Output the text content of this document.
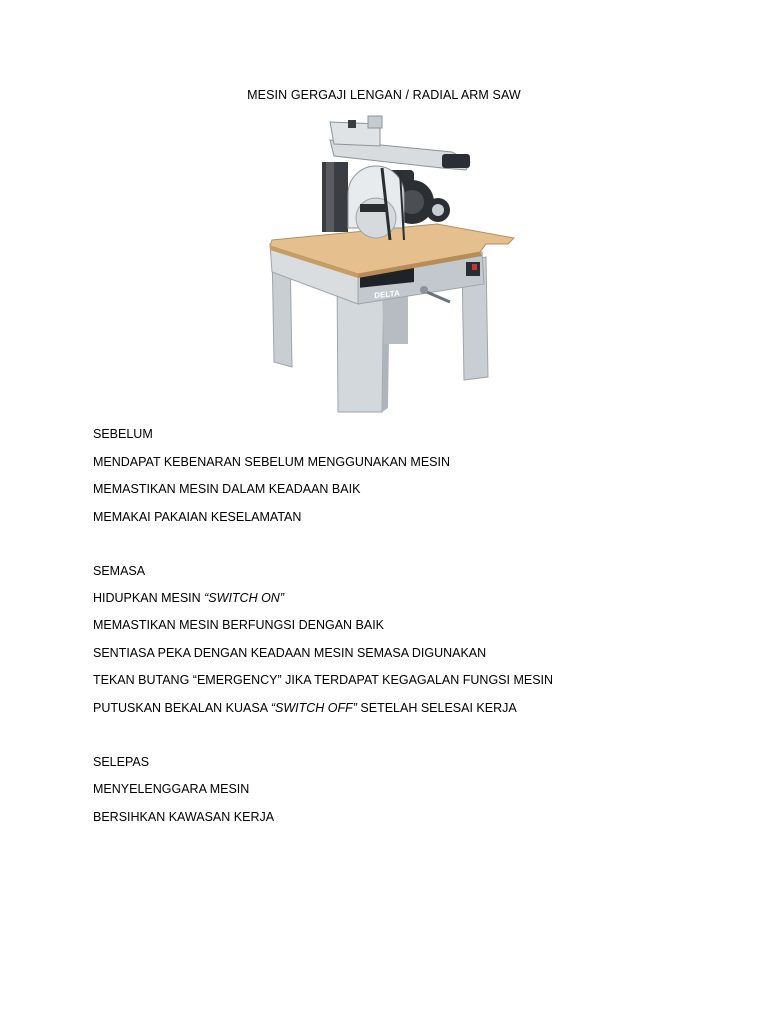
MESIN GERGAJI LENGAN / RADIAL ARM SAW
DELTA
SEBELUM
MENDAPAT KEBENARAN SEBELUM MENGGUNAKAN MESIN
MEMASTIKAN MESIN DALAM KEADAAN BAIK
MEMAKAI PAKAIAN KESELAMATAN
SEMASA
HIDUPKAN MESIN “SWITCH ON”
MEMASTIKAN MESIN BERFUNGSI DENGAN BAIK
SENTIASA PEKA DENGAN KEADAAN MESIN SEMASA DIGUNAKAN
TEKAN BUTANG “EMERGENCY” JIKA TERDAPAT KEGAGALAN FUNGSI MESIN
PUTUSKAN BEKALAN KUASA “SWITCH OFF” SETELAH SELESAI KERJA
SELEPAS
MENYELENGGARA MESIN
BERSIHKAN KAWASAN KERJA
